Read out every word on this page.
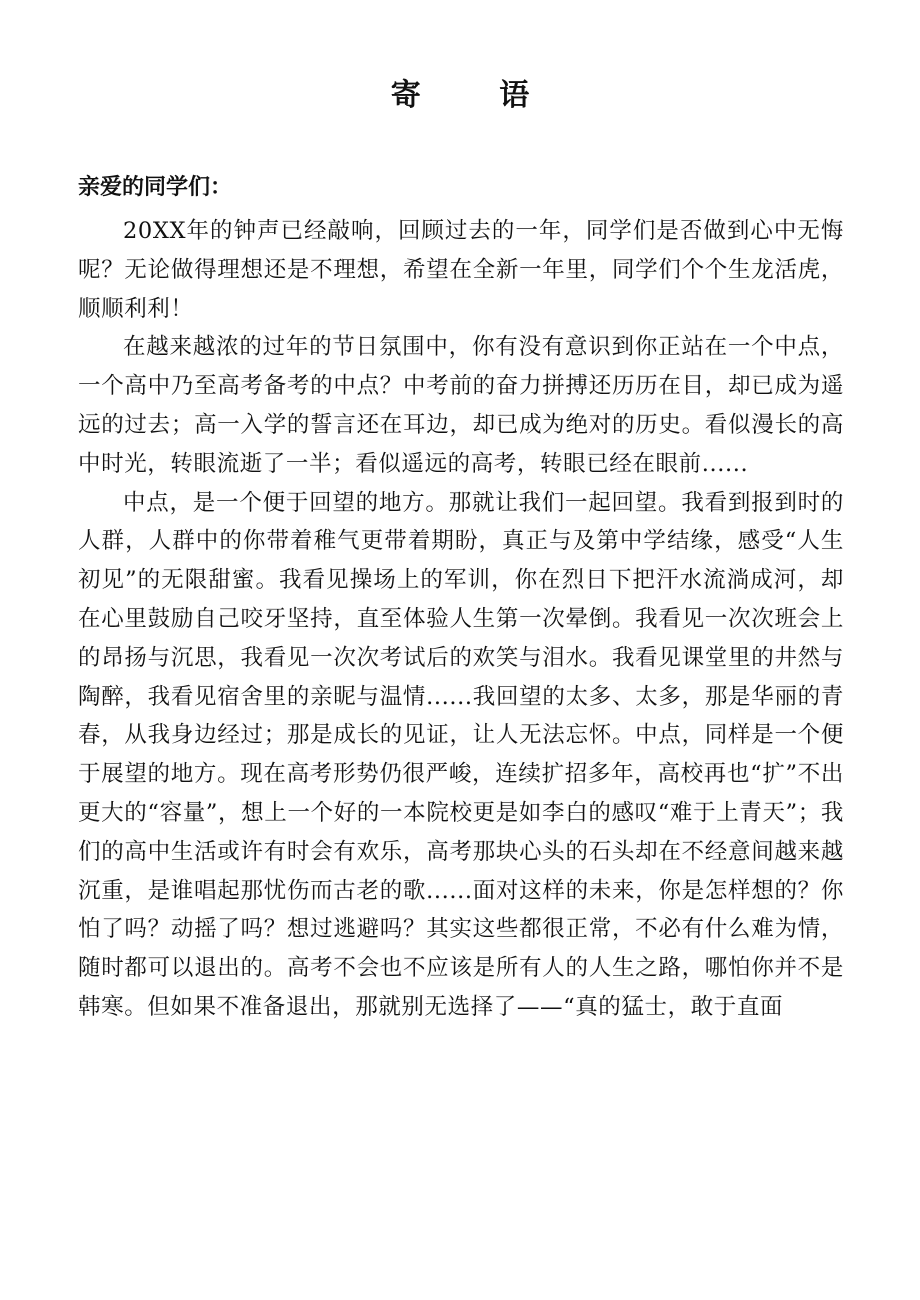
寄 语
亲爱的同学们：

20XX年的钟声已经敲响，回顾过去的一年，同学们是否做到心中无悔呢？无论做得理想还是不理想，希望在全新一年里，同学们个个生龙活虎，顺顺利利！

在越来越浓的过年的节日氛围中，你有没有意识到你正站在一个中点，一个高中乃至高考备考的中点？中考前的奋力拼搏还历历在目，却已成为遥远的过去；高一入学的誓言还在耳边，却已成为绝对的历史。看似漫长的高中时光，转眼流逝了一半；看似遥远的高考，转眼已经在眼前......

中点，是一个便于回望的地方。那就让我们一起回望。我看到报到时的人群，人群中的你带着稚气更带着期盼，真正与及第中学结缘，感受“人生初见”的无限甜蜜。我看见操场上的军训，你在烈日下把汗水流淌成河，却在心里鼓励自己咬牙坚持，直至体验人生第一次晕倒。我看见一次次班会上的昂扬与沉思，我看见一次次考试后的欢笑与泪水。我看见课堂里的井然与陶醉，我看见宿舍里的亲昵与温情......我回望的太多、太多，那是华丽的青春，从我身边经过；那是成长的见证，让人无法忘怀。中点，同样是一个便于展望的地方。现在高考形势仍很严峻，连续扩招多年，高校再也“扩”不出更大的“容量”，想上一个好的一本院校更是如李白的感叹“难于上青天”；我们的高中生活或许有时会有欢乐，高考那块心头的石头却在不经意间越来越沉重，是谁唱起那忧伤而古老的歌......面对这样的未来，你是怎样想的？你怕了吗？动摇了吗？想过逃避吗？其实这些都很正常，不必有什么难为情，随时都可以退出的。高考不会也不应该是所有人的人生之路，哪怕你并不是韩寒。但如果不准备退出，那就别无选择了——“真的猛士，敢于直面
